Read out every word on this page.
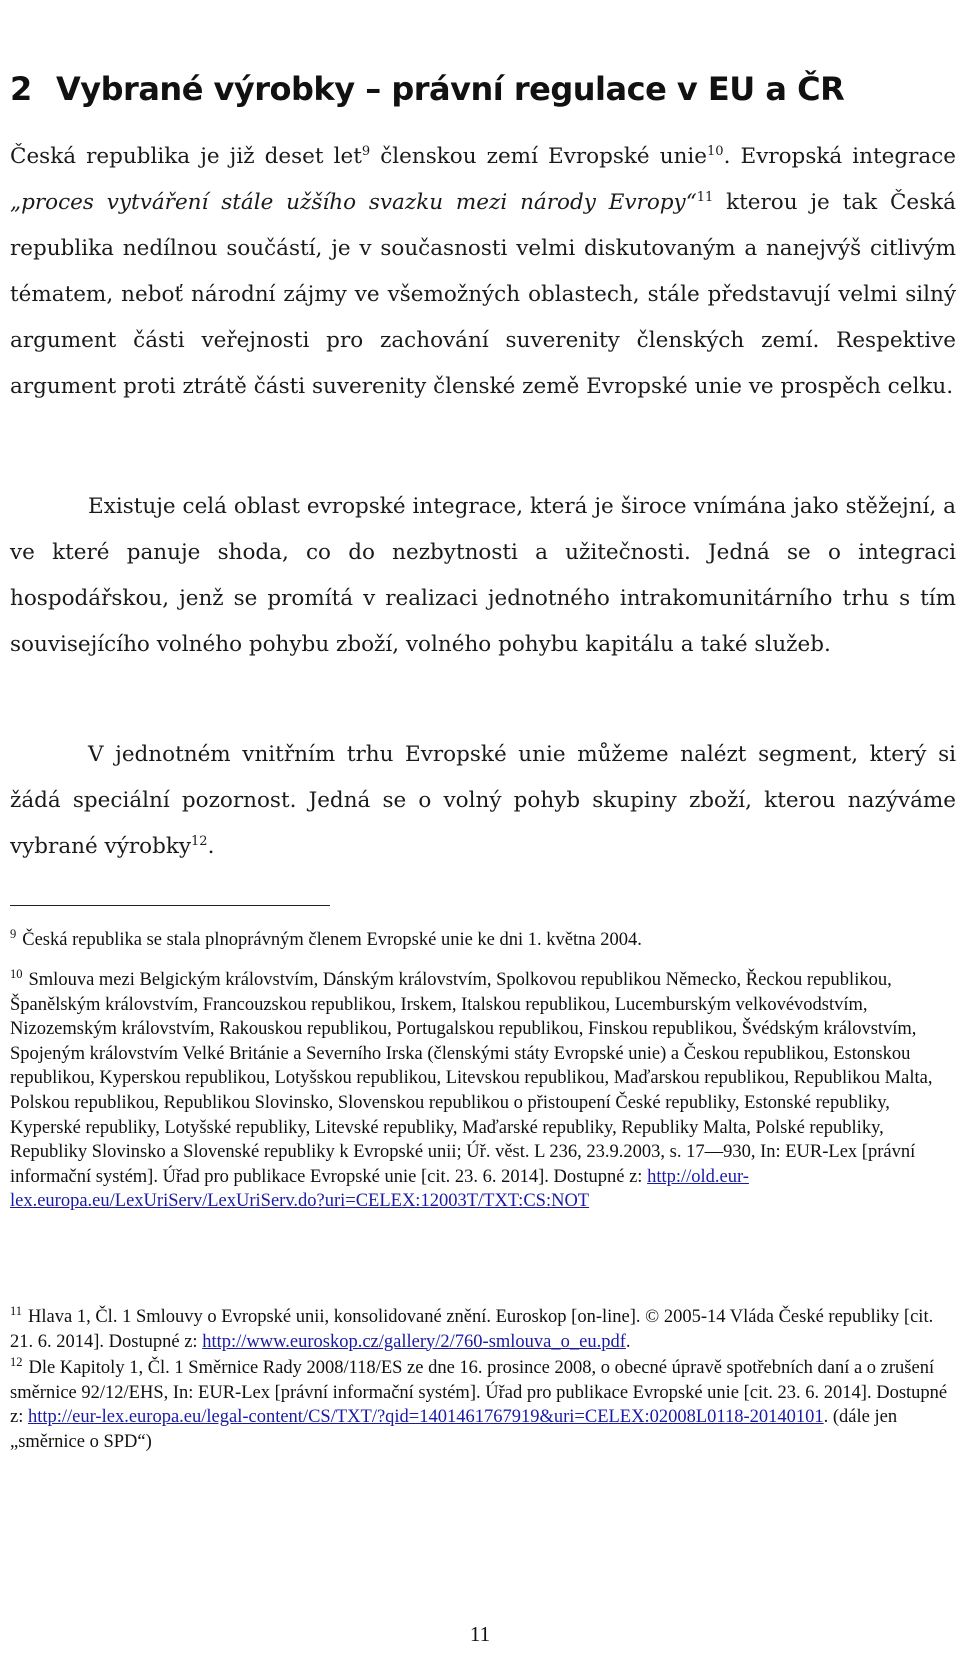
2 Vybrané výrobky – právní regulace v EU a ČR

Česká republika je již deset let$^9$ členskou zemí Evropské unie$^{10}$. Evropská integrace „proces vytváření stále užšího svazku mezi národy Evropy“$^{11}$ kterou je tak Česká republika nedílnou součástí, je v současnosti velmi diskutovaným a nanejvýš citlivým tématem, neboť národní zájmy ve všemožných oblastech, stále představují velmi silný argument části veřejnosti pro zachování suverenity členských zemí. Respektive argument proti ztrátě části suverenity členské země Evropské unie ve prospěch celku.

Existuje celá oblast evropské integrace, která je široce vnímána jako stěžejní, a ve které panuje shoda, co do nezbytnosti a užitečnosti. Jedná se o integraci hospodářskou, jenž se promítá v realizaci jednotného intrakomunitárního trhu s tím souvisejícího volného pohybu zboží, volného pohybu kapitálu a také služeb.

V jednotném vnitřním trhu Evropské unie můžeme nalézt segment, který si žádá speciální pozornost. Jedná se o volný pohyb skupiny zboží, kterou nazýváme vybrané výrobky$^{12}$.

$^9$ Česká republika se stala plnoprávným členem Evropské unie ke dni 1. května 2004.

$^{10}$ Smlouva mezi Belgickým královstvím, Dánským královstvím, Spolkovou republikou Německo, Řeckou republikou, Španělským královstvím, Francouzskou republikou, Irskem, Italskou republikou, Lucemburským velkovévodstvím, Nizozemským královstvím, Rakouskou republikou, Portugalskou republikou, Finskou republikou, Švédským královstvím, Spojeným královstvím Velké Británie a Severního Irska (členskými státy Evropské unie) a Českou republikou, Estonskou republikou, Kyperskou republikou, Lotyšskou republikou, Litevskou republikou, Maďarskou republikou, Republikou Malta, Polskou republikou, Republikou Slovinsko, Slovenskou republikou o přistoupení České republiky, Estonské republiky, Kyperské republiky, Lotyšské republiky, Litevské republiky, Maďarské republiky, Republiky Malta, Polské republiky, Republiky Slovinsko a Slovenské republiky k Evropské unii; Úř. věst. L 236, 23.9.2003, s. 17—930, In: EUR-Lex [právní informační systém]. Úřad pro publikace Evropské unie [cit. 23. 6. 2014]. Dostupné z: http://old.eur-lex.europa.eu/LexUriServ/LexUriServ.do?uri=CELEX:12003T/TXT:CS:NOT

$^{11}$ Hlava 1, Čl. 1 Smlouvy o Evropské unii, konsolidované znění. Euroskop [on-line]. © 2005-14 Vláda České republiky [cit. 21. 6. 2014]. Dostupné z: http://www.euroskop.cz/gallery/2/760-smlouva_o_eu.pdf.

$^{12}$ Dle Kapitoly 1, Čl. 1 Směrnice Rady 2008/118/ES ze dne 16. prosince 2008, o obecné úpravě spotřebních daní a o zrušení směrnice 92/12/EHS, In: EUR-Lex [právní informační systém]. Úřad pro publikace Evropské unie [cit. 23. 6. 2014]. Dostupné z: http://eur-lex.europa.eu/legal-content/CS/TXT/?qid=1401461767919&uri=CELEX:02008L0118-20140101. (dále jen „směrnice o SPD“)

11
